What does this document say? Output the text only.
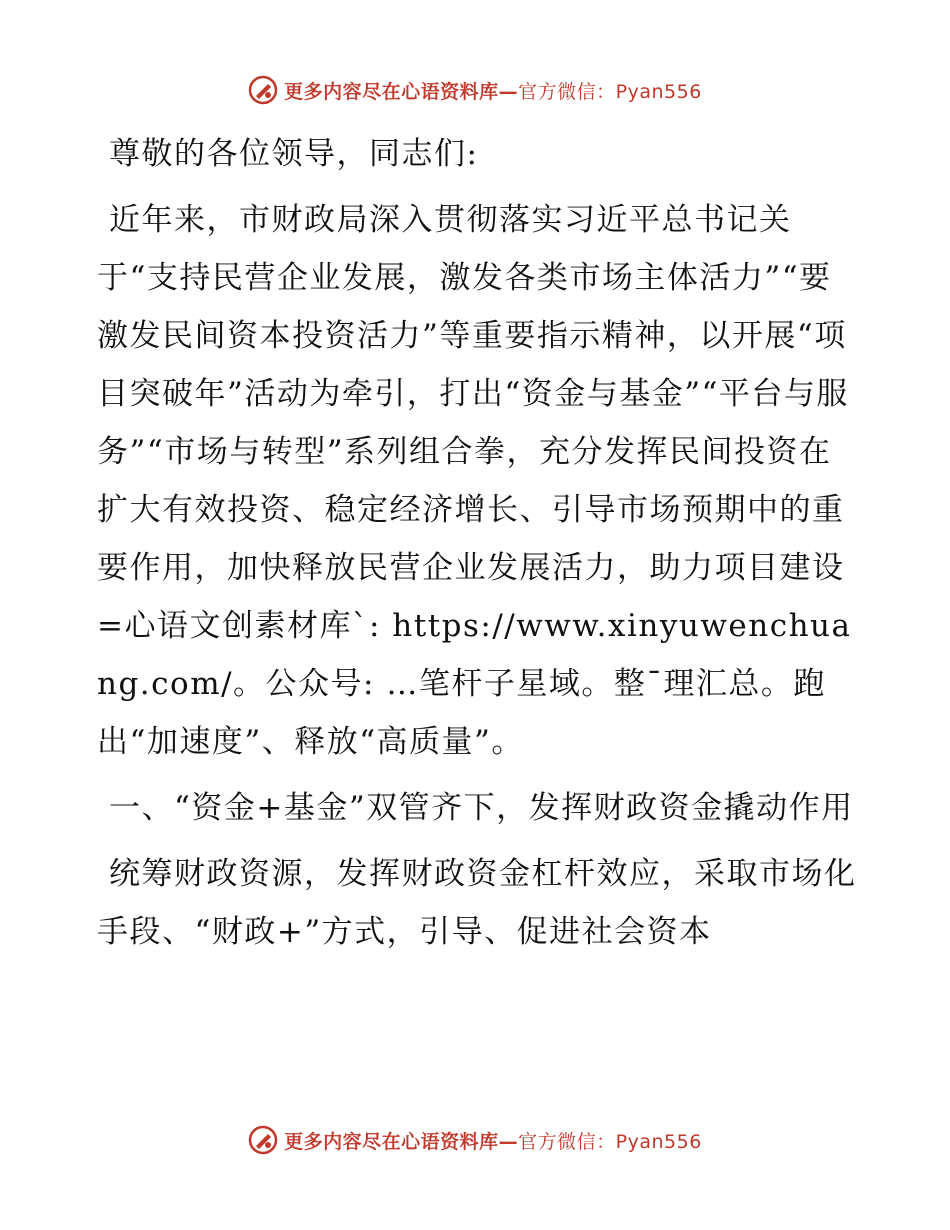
更多内容尽在心语资料库—官方微信：Pyan556

尊敬的各位领导，同志们:

近年来，市财政局深入贯彻落实习近平总书记关于“支持民营企业发展，激发各类市场主体活力”“要激发民间资本投资活力”等重要指示精神，以开展“项目突破年”活动为牵引，打出“资金与基金”“平台与服务”“市场与转型”系列组合拳，充分发挥民间投资在扩大有效投资、稳定经济增长、引导市场预期中的重要作用，加快释放民营企业发展活力，助力项目建设=心语文创素材库`: https://www.xinyuwenchuang.com/。公众号: …笔杆子星域。整¯理汇总。跑出“加速度”、释放“高质量”。

一、“资金+基金”双管齐下，发挥财政资金撬动作用

统筹财政资源，发挥财政资金杠杆效应，采取市场化手段、“财政+”方式，引导、促进社会资本

更多内容尽在心语资料库—官方微信：Pyan556
